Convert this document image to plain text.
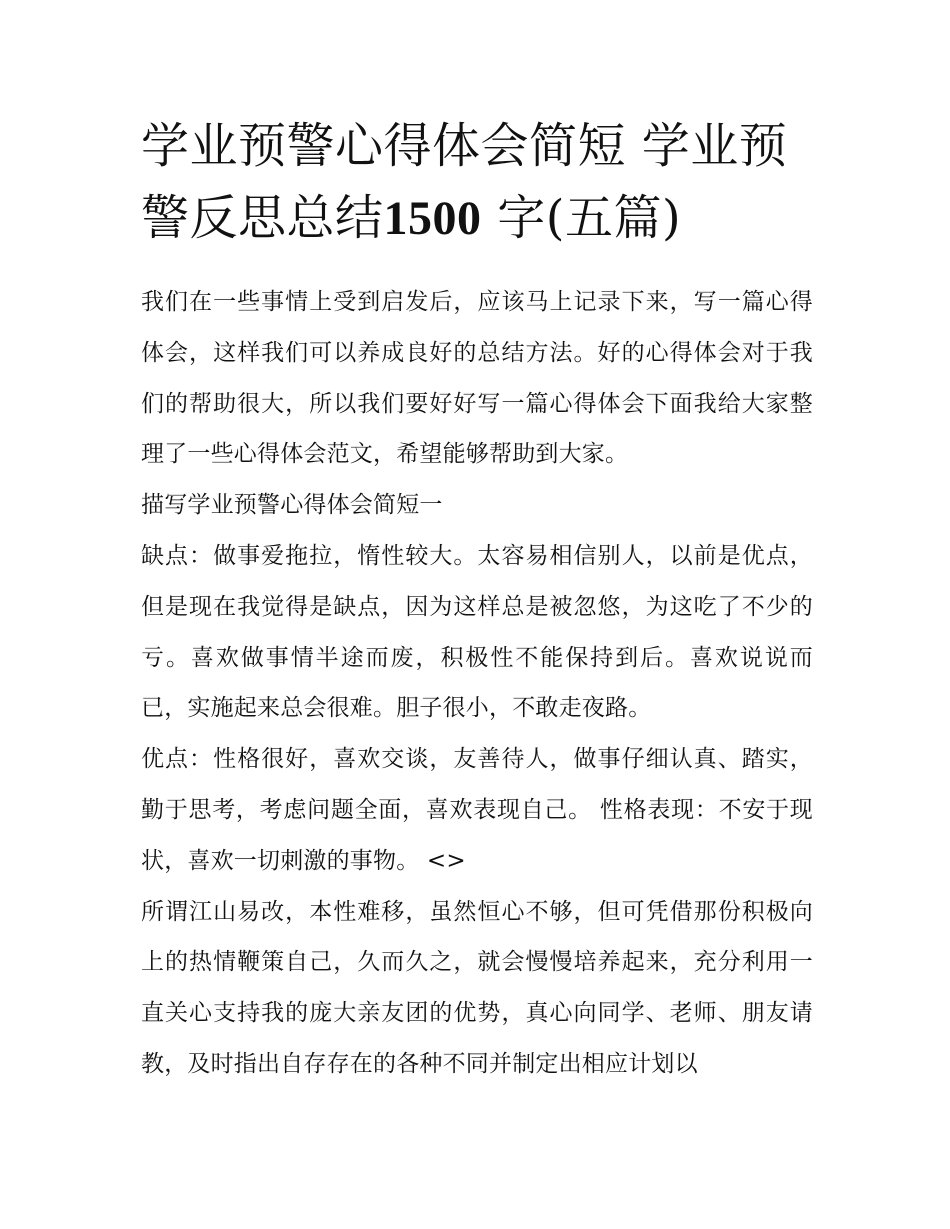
学业预警心得体会简短 学业预警反思总结1500 字(五篇)

我们在一些事情上受到启发后，应该马上记录下来，写一篇心得体会，这样我们可以养成良好的总结方法。好的心得体会对于我们的帮助很大，所以我们要好好写一篇心得体会下面我给大家整理了一些心得体会范文，希望能够帮助到大家。

描写学业预警心得体会简短一

缺点：做事爱拖拉，惰性较大。太容易相信别人，以前是优点，但是现在我觉得是缺点，因为这样总是被忽悠，为这吃了不少的亏。喜欢做事情半途而废，积极性不能保持到后。喜欢说说而已，实施起来总会很难。胆子很小，不敢走夜路。

优点：性格很好，喜欢交谈，友善待人，做事仔细认真、踏实，勤于思考，考虑问题全面，喜欢表现自己。 性格表现：不安于现状，喜欢一切刺激的事物。 <>

所谓江山易改，本性难移，虽然恒心不够，但可凭借那份积极向上的热情鞭策自己，久而久之，就会慢慢培养起来，充分利用一直关心支持我的庞大亲友团的优势，真心向同学、老师、朋友请教，及时指出自存存在的各种不同并制定出相应计划以
